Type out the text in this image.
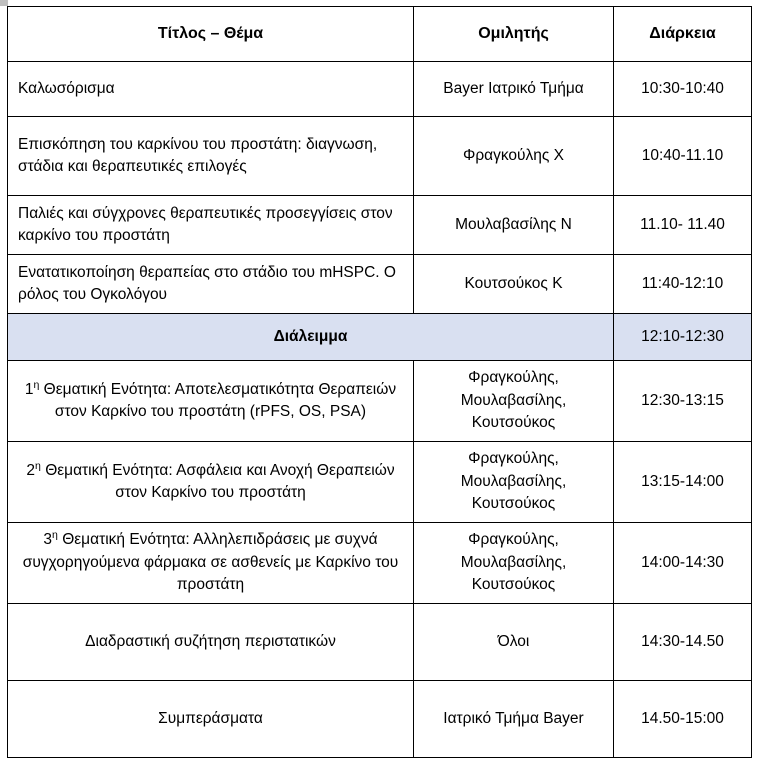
Τίτλος – Θέμα	Ομιλητής	Διάρκεια
Καλωσόρισμα	Bayer Ιατρικό Τμήμα	10:30-10:40
Επισκόπηση του καρκίνου του προστάτη: διαγνωση, στάδια και θεραπευτικές επιλογές	Φραγκούλης Χ	10:40-11.10
Παλιές και σύγχρονες θεραπευτικές προσεγγίσεις στον καρκίνο του προστάτη	Μουλαβασίλης Ν	11.10- 11.40
Ενατατικοποίηση θεραπείας στο στάδιο του mHSPC. Ο ρόλος του Ογκολόγου	Κουτσούκος Κ	11:40-12:10
Διάλειμμα		12:10-12:30
$1^\eta$ Θεματική Ενότητα: Αποτελεσματικότητα Θεραπειών στον Καρκίνο του προστάτη (rPFS, OS, PSA)	Φραγκούλης, Μουλαβασίλης, Κουτσούκος	12:30-13:15
$2^\eta$ Θεματική Ενότητα: Ασφάλεια και Ανοχή Θεραπειών στον Καρκίνο του προστάτη	Φραγκούλης, Μουλαβασίλης, Κουτσούκος	13:15-14:00
$3^\eta$ Θεματική Ενότητα: Αλληλεπιδράσεις με συχνά συγχορηγούμενα φάρμακα σε ασθενείς με Καρκίνο του προστάτη	Φραγκούλης, Μουλαβασίλης, Κουτσούκος	14:00-14:30
Διαδραστική συζήτηση περιστατικών	Όλοι	14:30-14.50
Συμπεράσματα	Ιατρικό Τμήμα Bayer	14.50-15:00
